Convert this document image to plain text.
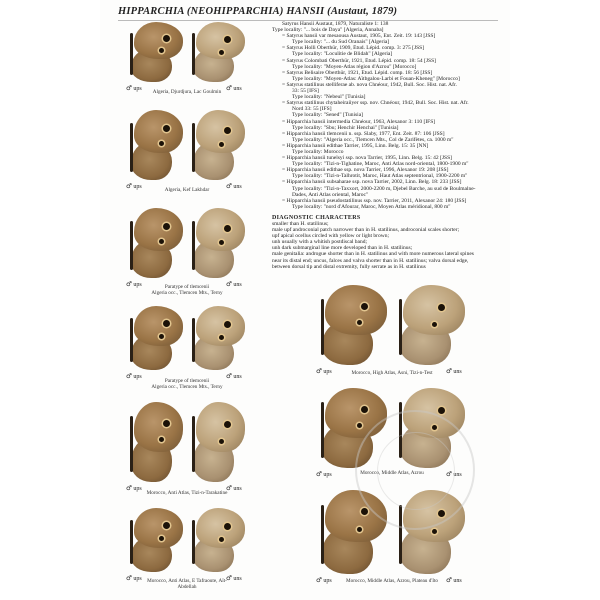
HIPPARCHIA (NEOHIPPARCHIA) HANSII (Austaut, 1879)
Algeria, Djurdjura, Lac Goulmin
♂ ups	♂ uns
Algeria, Kef Lakhdar
♂ ups	♂ uns
Paratype of tlemcenii
Algeria occ., Tlemcen Mts., Terny
♂ ups	♂ uns
Paratype of tlemcenii
Algeria occ., Tlemcen Mts., Terny
♂ ups	♂ uns
Morocco, Anti Atlas, Tizi-n-Tarakatine
♂ ups	♂ uns
Morocco, Anti Atlas, E Tafraoute, Aït-Abdellah
♂ ups	♂ uns
Morocco, High Atlas, Asni, Tizi-n-Test
♂ ups	♂ uns
Morocco, Middle Atlas, Azrou
♂ ups	♂ uns
Morocco, Middle Atlas, Azrou, Plateau d'Ito
♂ ups	♂ uns
Satyrus Hansii Austaut, 1879, Naturaliste 1: 138
Type locality: "... bois de Daya" [Algeria, Annaba]
= Satyrus hansii var mesaousa Austaut, 1905, Ent. Zeit. 19: 143 [JSS]
Type locality: "... du Sud Oranais" [Algeria]
= Satyrus Holli Oberthür, 1909, Étud. Lépid. comp. 3: 275 [JSS]
Type locality: "Loculitie de Blidah" [Algeria]
= Satyrus Colombati Oberthür, 1921, Étud. Lépid. comp. 18: 54 [JSS]
Type locality: "Moyen-Atlas région d'Azrou" [Morocco]
= Satyrus Belisaire Oberthür, 1921, Étud. Lépid. comp. 18: 56 [JSS]
Type locality: "Moyen-Atlas: Aïtbgalou-Larbi et Fouan-Kheneg" [Morocco]
= Satyrus statilinus stelliferae ab. nova Chnéour, 1942, Bull. Soc. Hist. nat. Afr.
33: 55 [IFS]
Type locality: "Nebeul" [Tunisia]
= Satyrus statilinus chytaheiraiiyer ssp. nov. Chnéour, 1942, Bull. Soc. Hist. nat. Afr.
Nord 33: 55 [IFS]
Type locality: "Sened" [Tunisia]
= Hipparchia hansii intermedia Chnéour, 1963, Alexanor 3: 110 [IFS]
Type locality: "Sbu; Henchir Henchai" [Tunisia]
= Hipparchia hansii tlemcenii n. ssp. Slaby, 1977, Ent. Zeit. 87: 106 [JSS]
Type locality: "Algeria occ., Tlemcen Mts., Col de Zarifètes, ca. 1000 m"
= Hipparchia hansii edithae Tarrier, 1995, Linn. Belg. 15: 35 [NN]
Type locality: Morocco
= Hipparchia hansii tunelsyi ssp. nova Tarrier, 1995, Linn. Belg. 15: 42 [JSS]
Type locality: "Tizi-n-Tighatine, Maroc, Anti Atlas nord-oriental, 1800-1900 m"
= Hipparchia hansii edithae ssp. nova Tarrier, 1996, Alexanor 19: 208 [JSS]
Type locality: "Tizi-n-Talhrotit, Maroc, Haut Atlas septentrional, 1900-2200 m"
= Hipparchia hansii subsaharae ssp. nova Tarrier, 2002, Linn. Belg. 18: 233 [JSS]
Type locality: "Tizi-n-Taxxort, 2000-2200 m, Djebel Barche, au sud de Boulmalne-
Dades, Anti Atlas oriental, Maroc"
= Hipparchia hansii pseudostatilinus ssp. nov. Tarrier, 2011, Alexanor 24: 180 [JSS]
Type locality: "nord d'Afourar, Maroc, Moyen Atlas méridional, 800 m"
DIAGNOSTIC CHARACTERS
smaller than H. statilinus;
male upf androconial patch narrower than in H. statilinus, androconial scales shorter;
upf apical ocellus circled with yellow or light brown;
unh usually with a whitish postdiscal band;
unh dark submarginal line more developed than in H. statilinus;
male genitalia: androgue shorter than in H. statilinus and with more numerous lateral spines
near its distal end; uncus, falces and valva shorter than in H. statilinus; valva dorsal edge,
between dorsal tip and distal extremity, fully serrate as in H. statilinus
